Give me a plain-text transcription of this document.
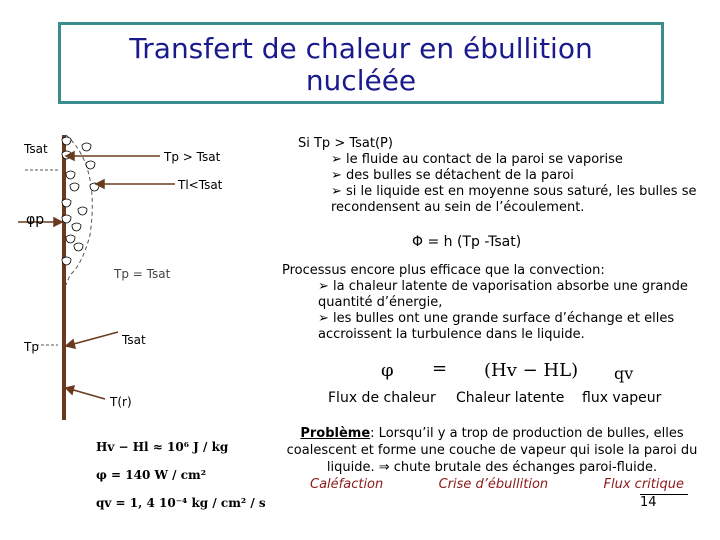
Transfert de chaleur en ébullition
nucléée
Tsat
Tp > Tsat
Tl<Tsat
φp
Tp = Tsat
Tp	Tsat
T(r)
Hv − Hl ≈ 10⁶ J / kg
φ = 140 W / cm²
qv = 1, 4 10⁻⁴ kg / cm² / s
Si Tp > Tsat(P)
➢ le fluide au contact de la paroi se vaporise
➢ des bulles se détachent de la paroi
➢ si le liquide est en moyenne sous saturé, les bulles se recondensent au sein de l’écoulement.
Φ = h (Tp -Tsat)
Processus encore plus efficace que la convection:
➢ la chaleur latente de vaporisation absorbe une grande quantité d’énergie,
➢ les bulles ont une grande surface d’échange et elles accroissent la turbulence dans le liquide.
φ = (Hv − HL) qv
Flux de chaleur Chaleur latente flux vapeur
Problème: Lorsqu’il y a trop de production de bulles, elles coalescent et forme une couche de vapeur qui isole la paroi du liquide. ⇒ chute brutale des échanges paroi-fluide.
Caléfaction	Crise d’ébullition	Flux critique
14
